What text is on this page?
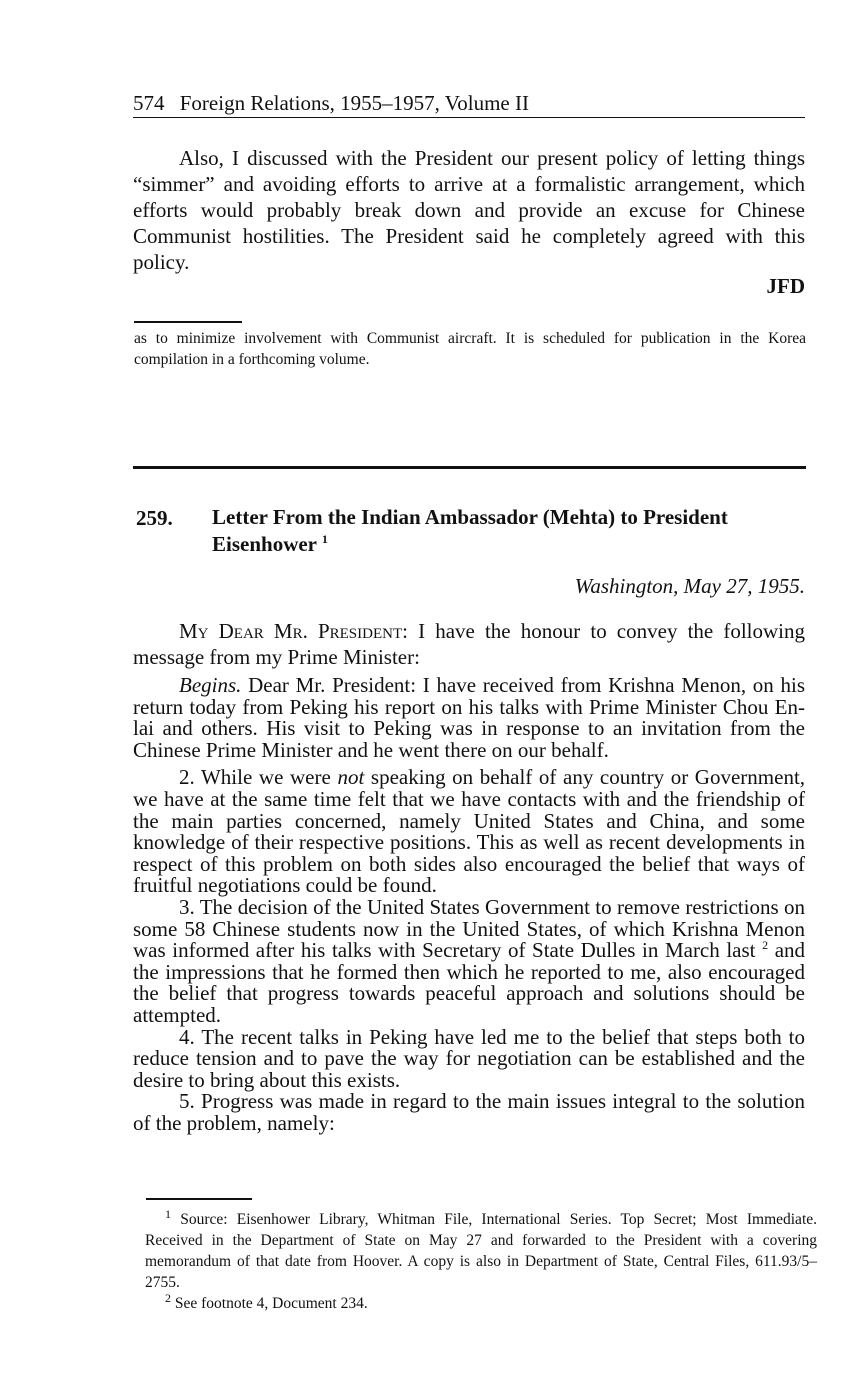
574 Foreign Relations, 1955–1957, Volume II

Also, I discussed with the President our present policy of letting things “simmer” and avoiding efforts to arrive at a formalistic arrangement, which efforts would probably break down and provide an excuse for Chinese Communist hostilities. The President said he completely agreed with this policy.

JFD
as to minimize involvement with Communist aircraft. It is scheduled for publication in the Korea compilation in a forthcoming volume.
259. Letter From the Indian Ambassador (Mehta) to President Eisenhower $^1$
Washington, May 27, 1955.

My Dear Mr. President: I have the honour to convey the following message from my Prime Minister:

Begins. Dear Mr. President: I have received from Krishna Menon, on his return today from Peking his report on his talks with Prime Minister Chou En-lai and others. His visit to Peking was in response to an invitation from the Chinese Prime Minister and he went there on our behalf.

2. While we were not speaking on behalf of any country or Government, we have at the same time felt that we have contacts with and the friendship of the main parties concerned, namely United States and China, and some knowledge of their respective positions. This as well as recent developments in respect of this problem on both sides also encouraged the belief that ways of fruitful negotiations could be found.

3. The decision of the United States Government to remove restrictions on some 58 Chinese students now in the United States, of which Krishna Menon was informed after his talks with Secretary of State Dulles in March last $^2$ and the impressions that he formed then which he reported to me, also encouraged the belief that progress towards peaceful approach and solutions should be attempted.

4. The recent talks in Peking have led me to the belief that steps both to reduce tension and to pave the way for negotiation can be established and the desire to bring about this exists.

5. Progress was made in regard to the main issues integral to the solution of the problem, namely:

$^1$ Source: Eisenhower Library, Whitman File, International Series. Top Secret; Most Immediate. Received in the Department of State on May 27 and forwarded to the President with a covering memorandum of that date from Hoover. A copy is also in Department of State, Central Files, 611.93/5–2755.

$^2$ See footnote 4, Document 234.
